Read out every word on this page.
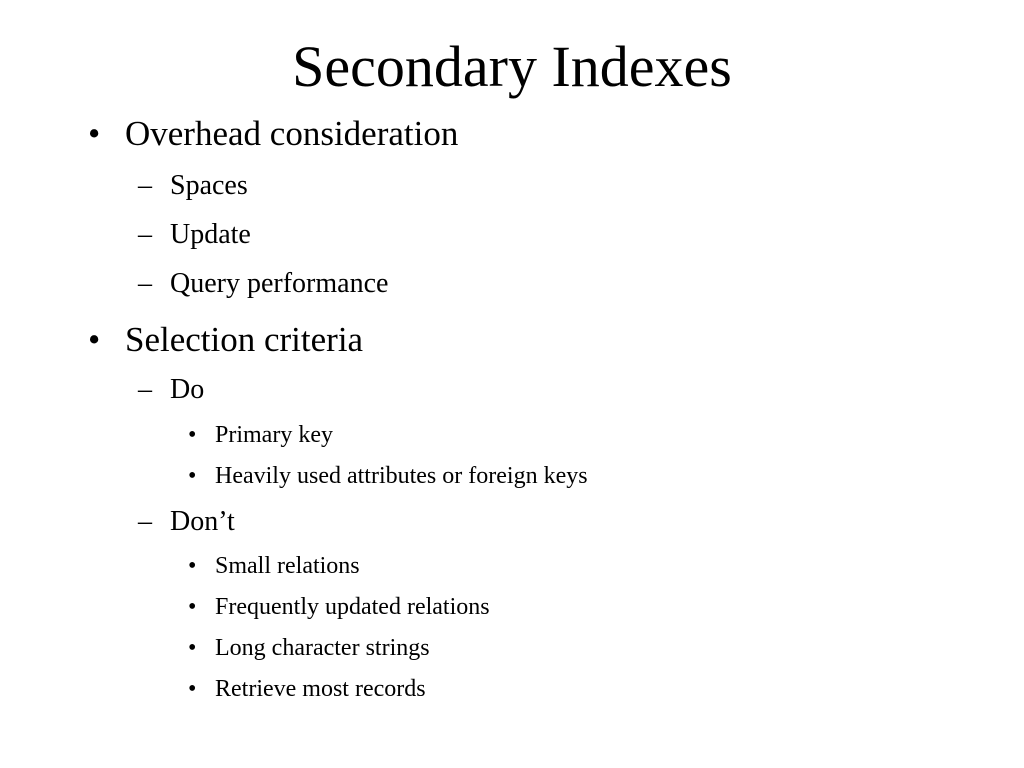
Secondary Indexes
• Overhead consideration
– Spaces
– Update
– Query performance
• Selection criteria
– Do
• Primary key
• Heavily used attributes or foreign keys
– Don’t
• Small relations
• Frequently updated relations
• Long character strings
• Retrieve most records
